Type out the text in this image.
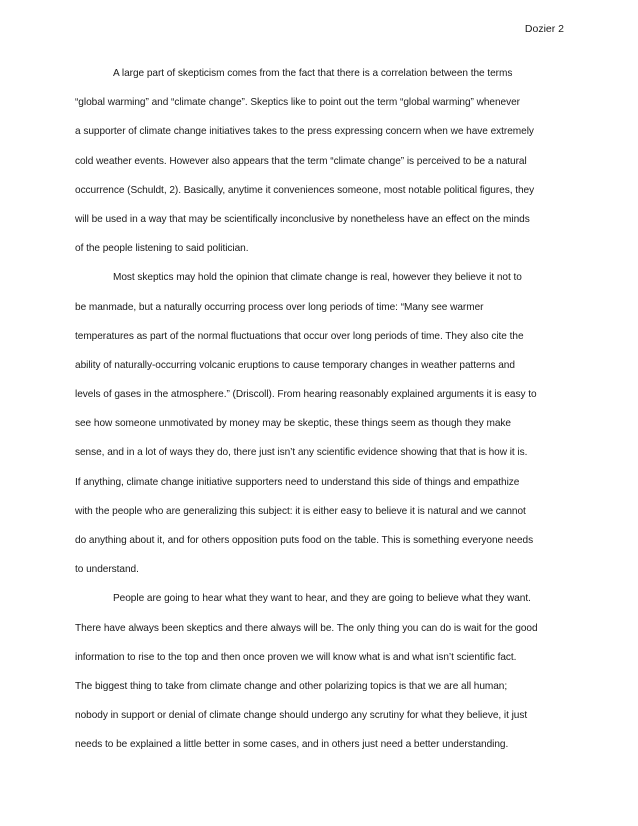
Dozier 2
A large part of skepticism comes from the fact that there is a correlation between the terms
“global warming” and “climate change”. Skeptics like to point out the term “global warming” whenever
a supporter of climate change initiatives takes to the press expressing concern when we have extremely
cold weather events. However also appears that the term “climate change” is perceived to be a natural
occurrence (Schuldt, 2). Basically, anytime it conveniences someone, most notable political figures, they
will be used in a way that may be scientifically inconclusive by nonetheless have an effect on the minds
of the people listening to said politician.
Most skeptics may hold the opinion that climate change is real, however they believe it not to
be manmade, but a naturally occurring process over long periods of time: “Many see warmer
temperatures as part of the normal fluctuations that occur over long periods of time. They also cite the
ability of naturally-occurring volcanic eruptions to cause temporary changes in weather patterns and
levels of gases in the atmosphere.” (Driscoll). From hearing reasonably explained arguments it is easy to
see how someone unmotivated by money may be skeptic, these things seem as though they make
sense, and in a lot of ways they do, there just isn’t any scientific evidence showing that that is how it is.
If anything, climate change initiative supporters need to understand this side of things and empathize
with the people who are generalizing this subject: it is either easy to believe it is natural and we cannot
do anything about it, and for others opposition puts food on the table. This is something everyone needs
to understand.
People are going to hear what they want to hear, and they are going to believe what they want.
There have always been skeptics and there always will be. The only thing you can do is wait for the good
information to rise to the top and then once proven we will know what is and what isn’t scientific fact.
The biggest thing to take from climate change and other polarizing topics is that we are all human;
nobody in support or denial of climate change should undergo any scrutiny for what they believe, it just
needs to be explained a little better in some cases, and in others just need a better understanding.
